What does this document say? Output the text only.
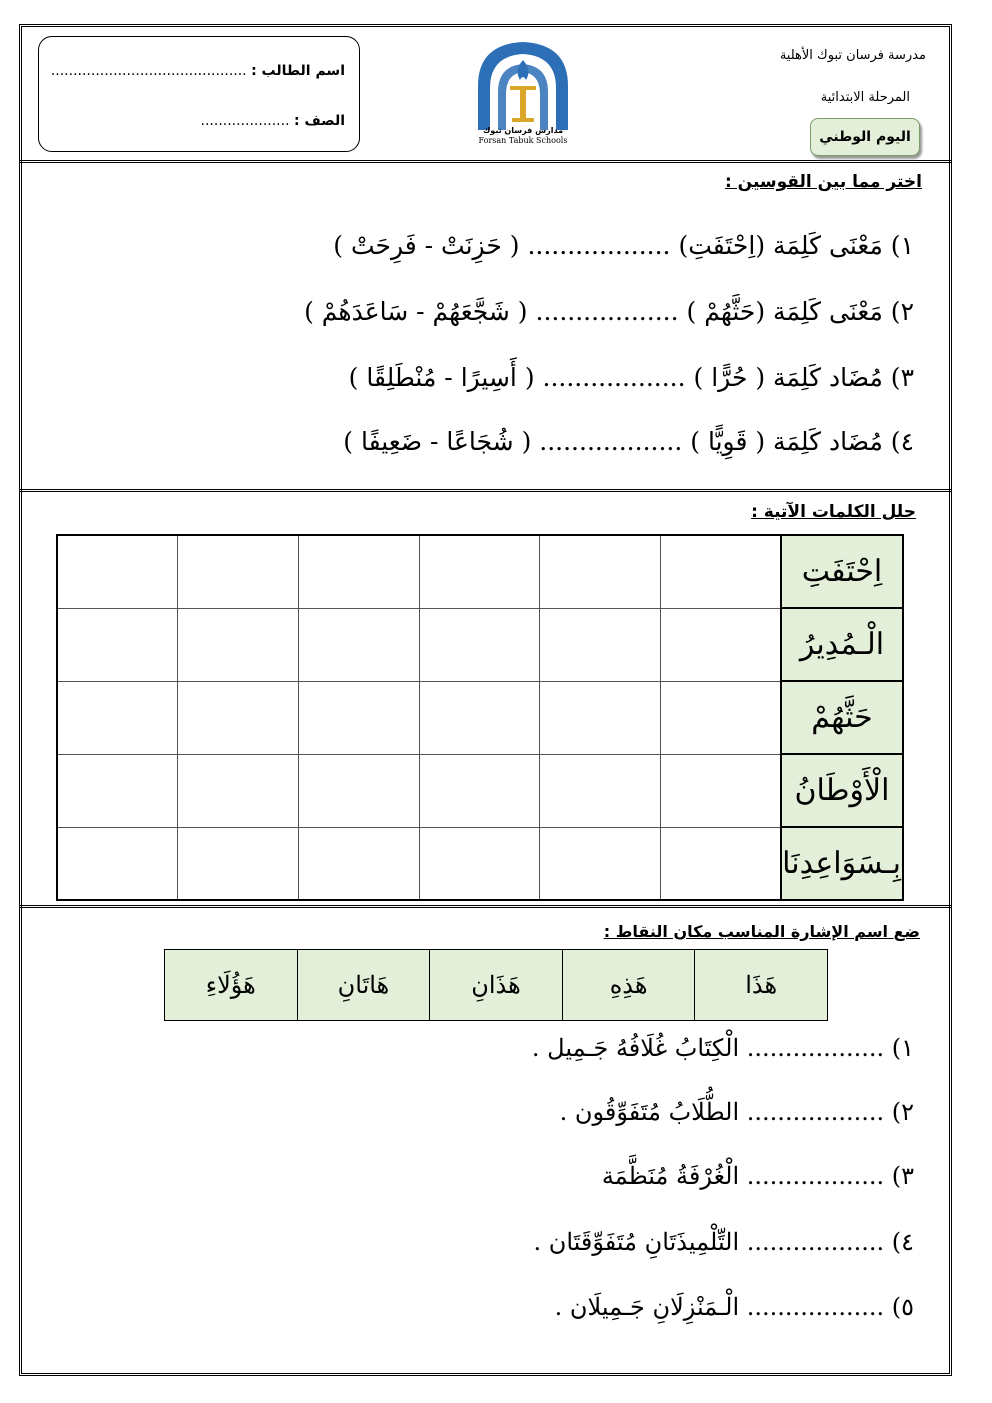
اسم الطالب : ............................................
الصف : ....................
مدارس فرسان تبوك
Forsan Tabuk Schools
مدرسة فرسان تبوك الأهلية
المرحلة الابتدائية
اليوم الوطني
اختر مما بين القوسين :
١) مَعْنَى كَلِمَة (اِحْتَفَتِ) .................. ( حَزِنَتْ - فَرِحَتْ )
٢) مَعْنَى كَلِمَة (حَثَّهُمْ ) .................. ( شَجَّعَهُمْ - سَاعَدَهُمْ )
٣) مُضَاد كَلِمَة ( حُرًّا ) .................. ( أَسِيرًا - مُنْطَلِقًا )
٤) مُضَاد كَلِمَة ( قَوِيًّا ) .................. ( شُجَاعًا - ضَعِيفًا )
حلل الكلمات الآتية :
اِحْتَفَتِ						
الْـمُدِيرُ						
حَثَّهُمْ						
الْأَوْطَانُ						
بِـسَوَاعِدِنَا						
ضع اسم الإشارة المناسب مكان النقاط :
هَذَا	هَذِهِ	هَذَانِ	هَاتَانِ	هَؤُلَاءِ
١) .................. الْكِتَابُ غُلَافُهُ جَـمِيل .
٢) .................. الطُّلَابُ مُتَفَوِّقُون .
٣) .................. الْغُرْفَةُ مُنَظَّمَة
٤) .................. التِّلْمِيذَتَانِ مُتَفَوِّقَتَان .
٥) .................. الْـمَنْزِلَانِ جَـمِيلَان .
